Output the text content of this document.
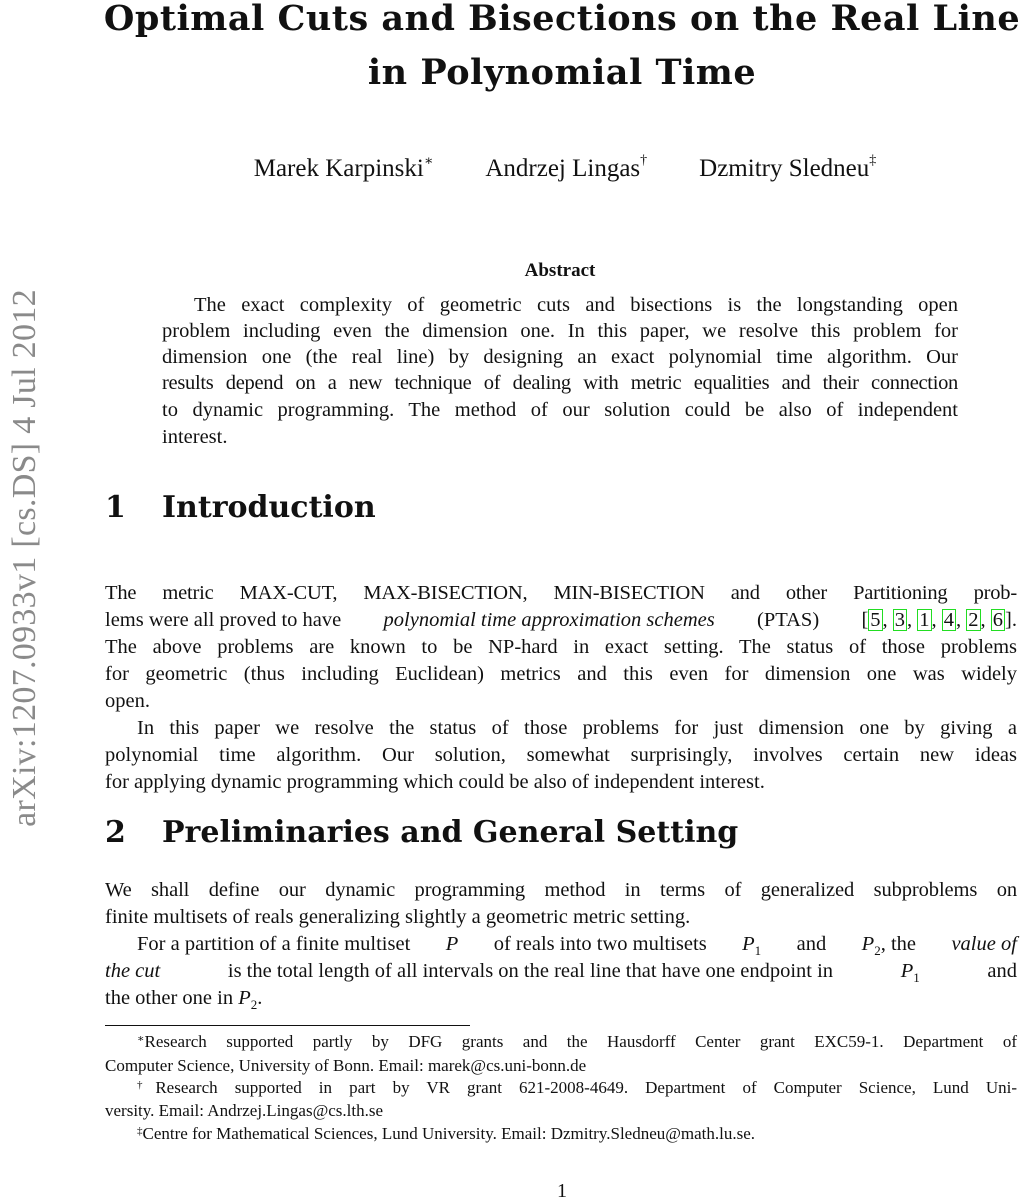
Optimal Cuts and Bisections on the Real Line
in Polynomial Time
Marek Karpinski∗ Andrzej Lingas† Dzmitry Sledneu‡
arXiv:1207.0933v1 [cs.DS] 4 Jul 2012
Abstract
The exact complexity of geometric cuts and bisections is the longstanding open
problem including even the dimension one. In this paper, we resolve this problem for
dimension one (the real line) by designing an exact polynomial time algorithm. Our
results depend on a new technique of dealing with metric equalities and their connection
to dynamic programming. The method of our solution could be also of independent
interest.
1 Introduction
The metric MAX-CUT, MAX-BISECTION, MIN-BISECTION and other Partitioning prob-
lems were all proved to have polynomial time approximation schemes (PTAS) [5, 3, 1, 4, 2, 6].
The above problems are known to be NP-hard in exact setting. The status of those problems
for geometric (thus including Euclidean) metrics and this even for dimension one was widely
open.
In this paper we resolve the status of those problems for just dimension one by giving a
polynomial time algorithm. Our solution, somewhat surprisingly, involves certain new ideas
for applying dynamic programming which could be also of independent interest.
2 Preliminaries and General Setting
We shall define our dynamic programming method in terms of generalized subproblems on
finite multisets of reals generalizing slightly a geometric metric setting.
For a partition of a finite multiset P of reals into two multisets $P_1$ and $P_2$, the value of
the cut	is the total length of all intervals on the real line that have one endpoint in	$P_1$	and
the other one in $P_2$.
∗Research supported partly by DFG grants and the Hausdorff Center grant EXC59-1. Department of
Computer Science, University of Bonn. Email: marek@cs.uni-bonn.de
†Research supported in part by VR grant 621-2008-4649. Department of Computer Science, Lund Uni-
versity. Email: Andrzej.Lingas@cs.lth.se
‡Centre for Mathematical Sciences, Lund University. Email: Dzmitry.Sledneu@math.lu.se.
1
